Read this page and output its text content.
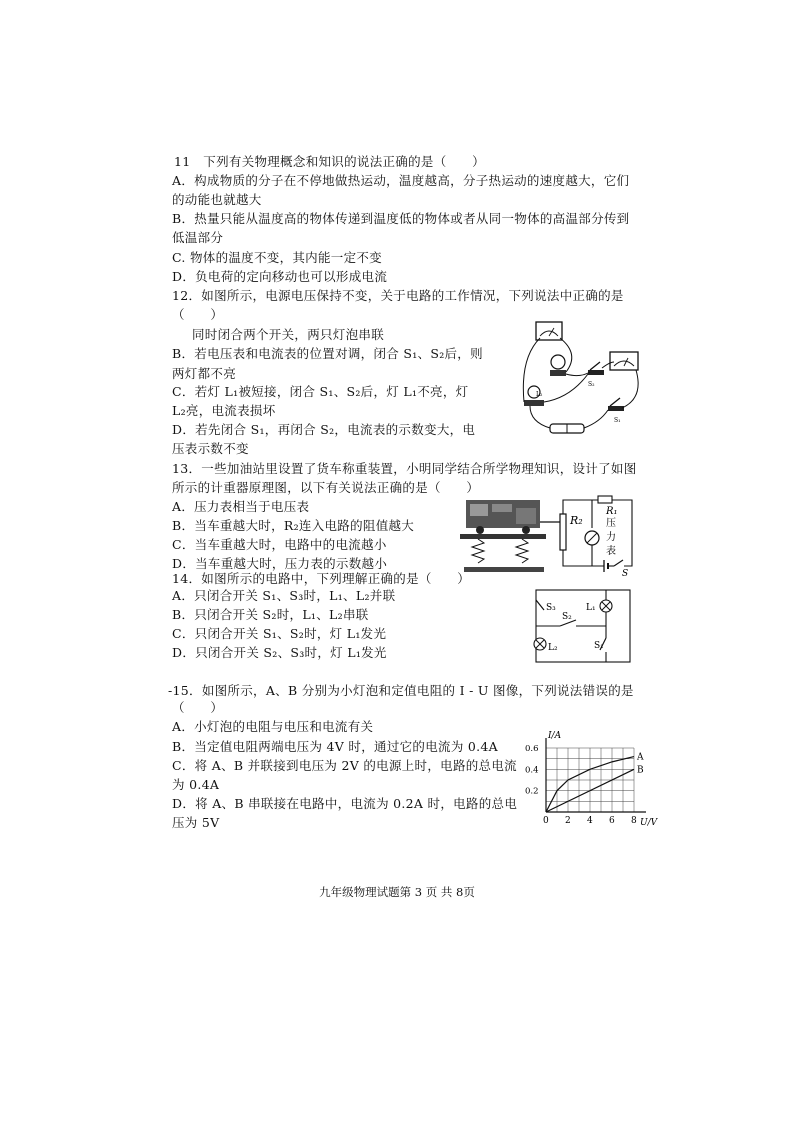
11　下列有关物理概念和知识的说法正确的是（　　）
A．构成物质的分子在不停地做热运动，温度越高，分子热运动的速度越大，它们
的动能也就越大
B．热量只能从温度高的物体传递到温度低的物体或者从同一物体的高温部分传到
低温部分
C. 物体的温度不变，其内能一定不变
D．负电荷的定向移动也可以形成电流
12．如图所示，电源电压保持不变，关于电路的工作情况，下列说法中正确的是
（　　）
同时闭合两个开关，两只灯泡串联
B．若电压表和电流表的位置对调，闭合 S₁、S₂后，则
两灯都不亮
C．若灯 L₁被短接，闭合 S₁、S₂后，灯 L₁不亮，灯
L₂亮，电流表损坏
D．若先闭合 S₁，再闭合 S₂，电流表的示数变大，电
压表示数不变
S₂
L₂
S₁
13．一些加油站里设置了货车称重装置，小明同学结合所学物理知识，设计了如图
所示的计重器原理图，以下有关说法正确的是（　　）
A．压力表相当于电压表
B．当车重越大时，R₂连入电路的阻值越大
C．当车重越大时，电路中的电流越小
D．当车重越大时，压力表的示数越小
R₂
R₁
压
力
表
S
14．如图所示的电路中，下列理解正确的是（　　）
A．只闭合开关 S₁、S₃时，L₁、L₂并联
B．只闭合开关 S₂时，L₁、L₂串联
C．只闭合开关 S₁、S₂时，灯 L₁发光
D．只闭合开关 S₂、S₃时，灯 L₁发光
S₃	L₁
S₂
S₁
L₂
-15．如图所示，A、B 分别为小灯泡和定值电阻的 I - U 图像，下列说法错误的是
（　　）
A．小灯泡的电阻与电压和电流有关
B．当定值电阻两端电压为 4V 时，通过它的电流为 0.4A
C．将 A、B 并联接到电压为 2V 的电源上时，电路的总电流
为 0.4A
D．将 A、B 串联接在电路中，电流为 0.2A 时，电路的总电
压为 5V	0 2 4 6 8
0.6
0.4
0.2
A
B
I/A
U/V
九年级物理试题第 3 页 共 8页
